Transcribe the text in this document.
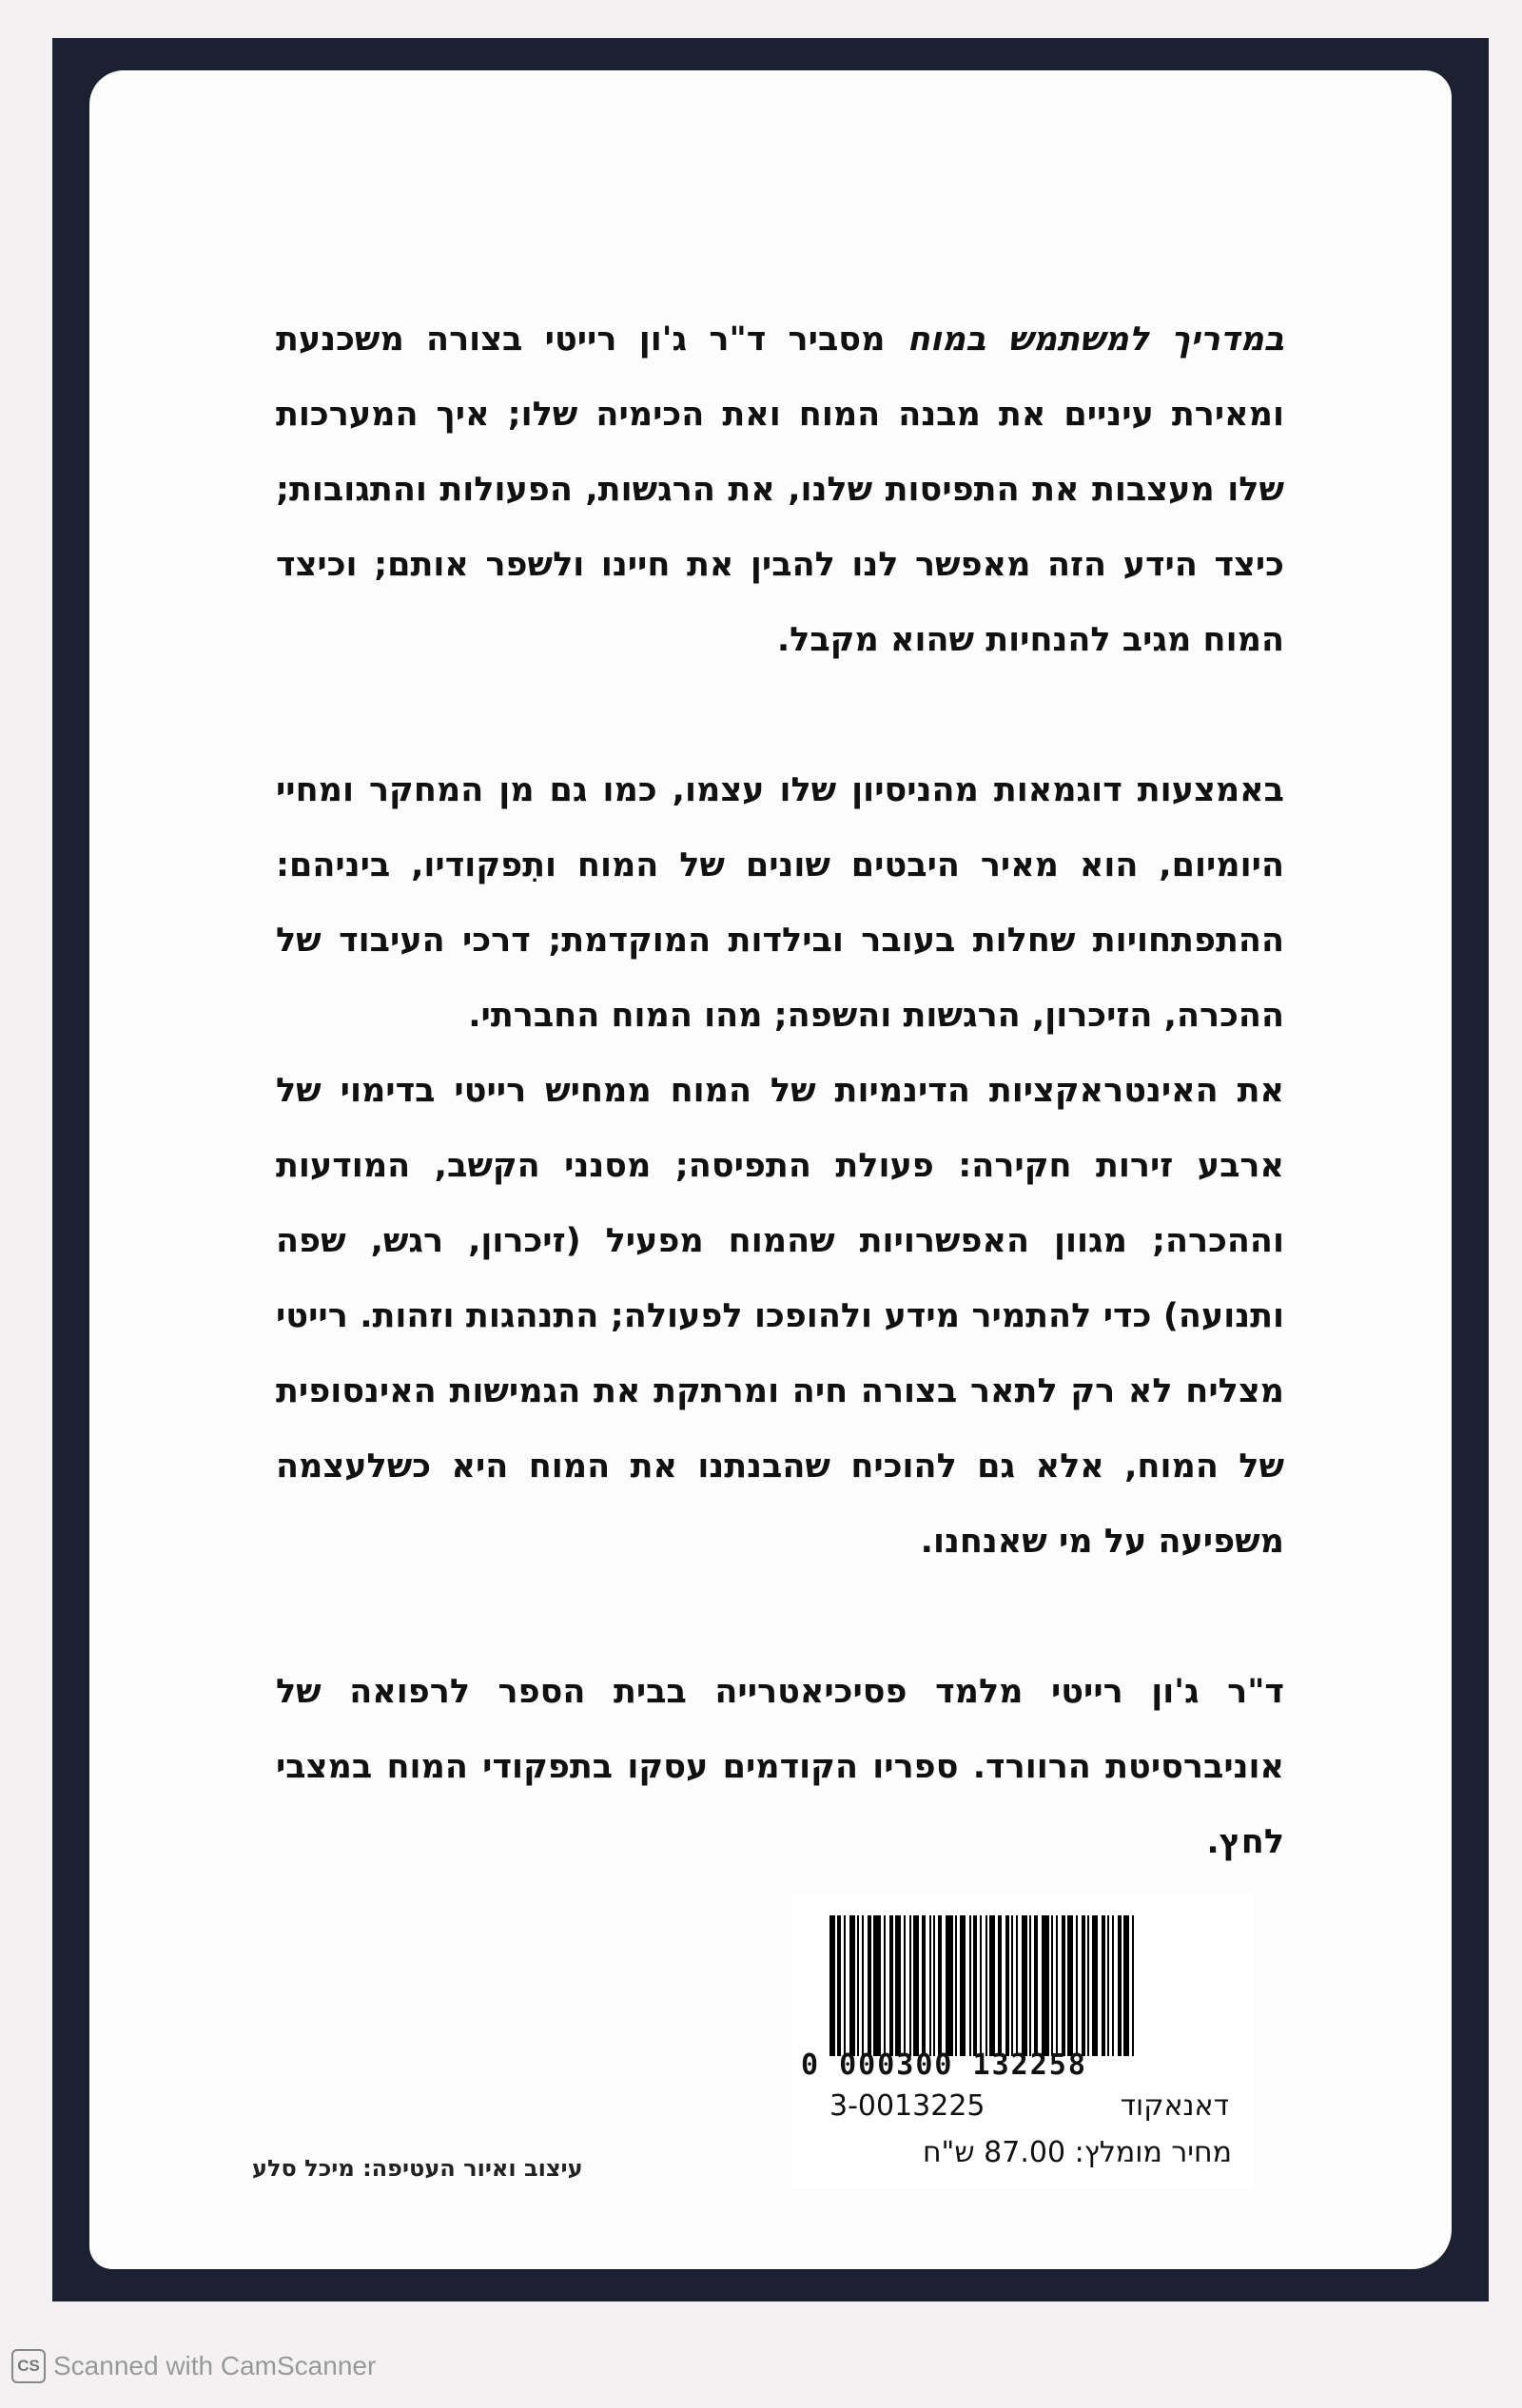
במדריך למשתמש במוח מסביר ד"ר ג'ון רייטי בצורה משכנעת ומאירת עיניים את מבנה המוח ואת הכימיה שלו; איך המערכות שלו מעצבות את התפיסות שלנו, את הרגשות, הפעולות והתגובות; כיצד הידע הזה מאפשר לנו להבין את חיינו ולשפר אותם; וכיצד המוח מגיב להנחיות שהוא מקבל.

באמצעות דוגמאות מהניסיון שלו עצמו, כמו גם מן המחקר ומחיי היומיום, הוא מאיר היבטים שונים של המוח ותִפקודיו, ביניהם: ההתפתחויות שחלות בעובר ובילדות המוקדמת; דרכי העיבוד של ההכרה, הזיכרון, הרגשות והשפה; מהו המוח החברתי.

את האינטראקציות הדינמיות של המוח ממחיש רייטי בדימוי של ארבע זירות חקירה: פעולת התפיסה; מסנני הקשב, המודעות וההכרה; מגוון האפשרויות שהמוח מפעיל (זיכרון, רגש, שפה ותנועה) כדי להתמיר מידע ולהופכו לפעולה; התנהגות וזהות. רייטי מצליח לא רק לתאר בצורה חיה ומרתקת את הגמישות האינסופית של המוח, אלא גם להוכיח שהבנתנו את המוח היא כשלעצמה משפיעה על מי שאנחנו.

ד"ר ג'ון רייטי מלמד פסיכיאטרייה בבית הספר לרפואה של אוניברסיטת הרוורד. ספריו הקודמים עסקו בתפקודי המוח במצבי לחץ.

0 000300 132258
דאנאקוד
3-0013225
מחיר מומלץ: 87.00 ש"ח
עיצוב ואיור העטיפה: מיכל סלע
CS Scanned with CamScanner
